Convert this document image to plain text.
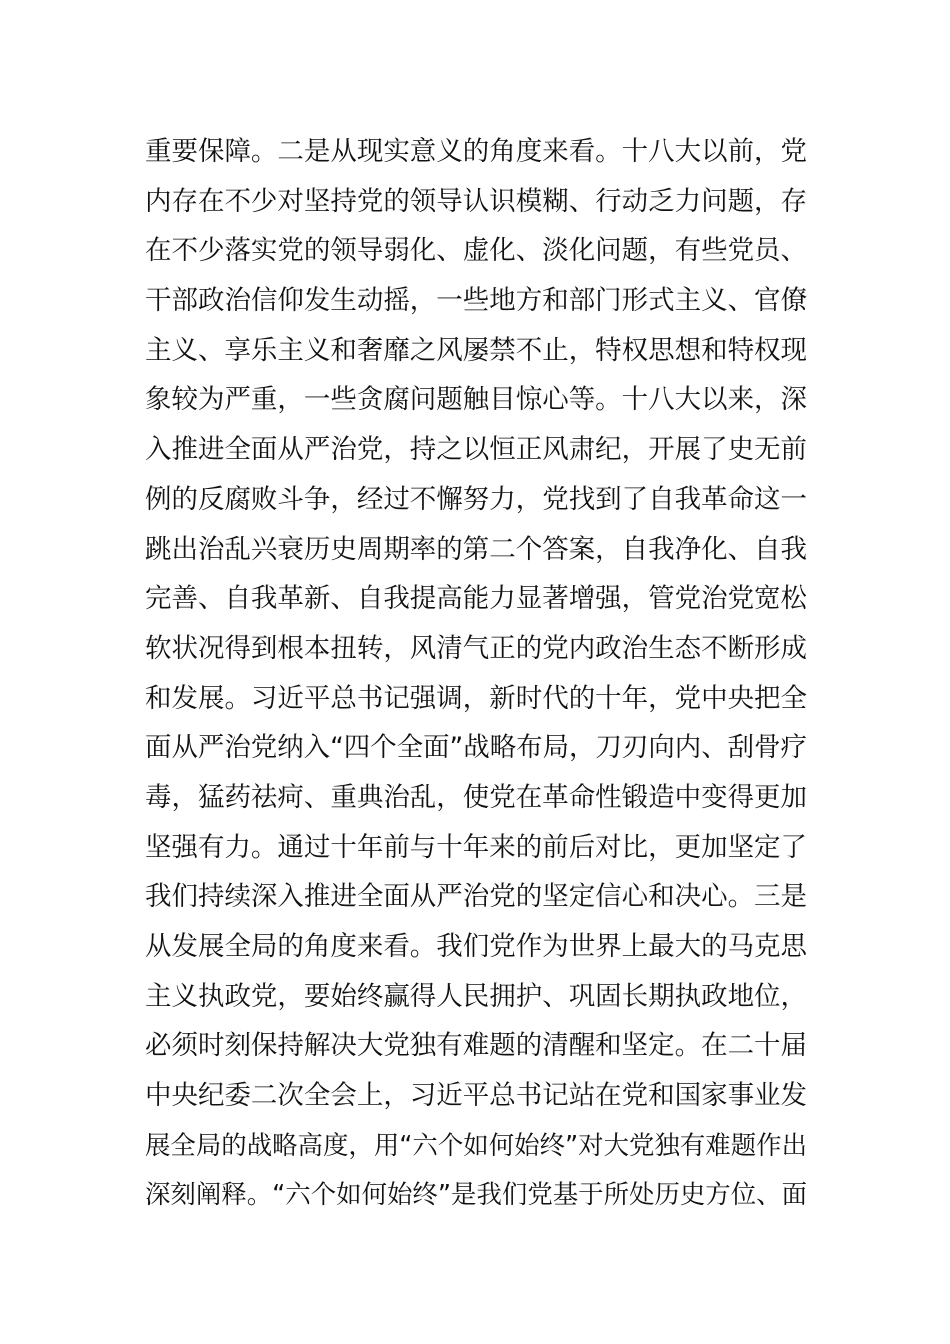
重要保障。二是从现实意义的角度来看。十八大以前，党
内存在不少对坚持党的领导认识模糊、行动乏力问题，存
在不少落实党的领导弱化、虚化、淡化问题，有些党员、
干部政治信仰发生动摇，一些地方和部门形式主义、官僚
主义、享乐主义和奢靡之风屡禁不止，特权思想和特权现
象较为严重，一些贪腐问题触目惊心等。十八大以来，深
入推进全面从严治党，持之以恒正风肃纪，开展了史无前
例的反腐败斗争，经过不懈努力，党找到了自我革命这一
跳出治乱兴衰历史周期率的第二个答案，自我净化、自我
完善、自我革新、自我提高能力显著增强，管党治党宽松
软状况得到根本扭转，风清气正的党内政治生态不断形成
和发展。习近平总书记强调，新时代的十年，党中央把全
面从严治党纳入“四个全面”战略布局，刀刃向内、刮骨疗
毒，猛药祛疴、重典治乱，使党在革命性锻造中变得更加
坚强有力。通过十年前与十年来的前后对比，更加坚定了
我们持续深入推进全面从严治党的坚定信心和决心。三是
从发展全局的角度来看。我们党作为世界上最大的马克思
主义执政党，要始终赢得人民拥护、巩固长期执政地位，
必须时刻保持解决大党独有难题的清醒和坚定。在二十届
中央纪委二次全会上，习近平总书记站在党和国家事业发
展全局的战略高度，用“六个如何始终”对大党独有难题作出
深刻阐释。“六个如何始终”是我们党基于所处历史方位、面
